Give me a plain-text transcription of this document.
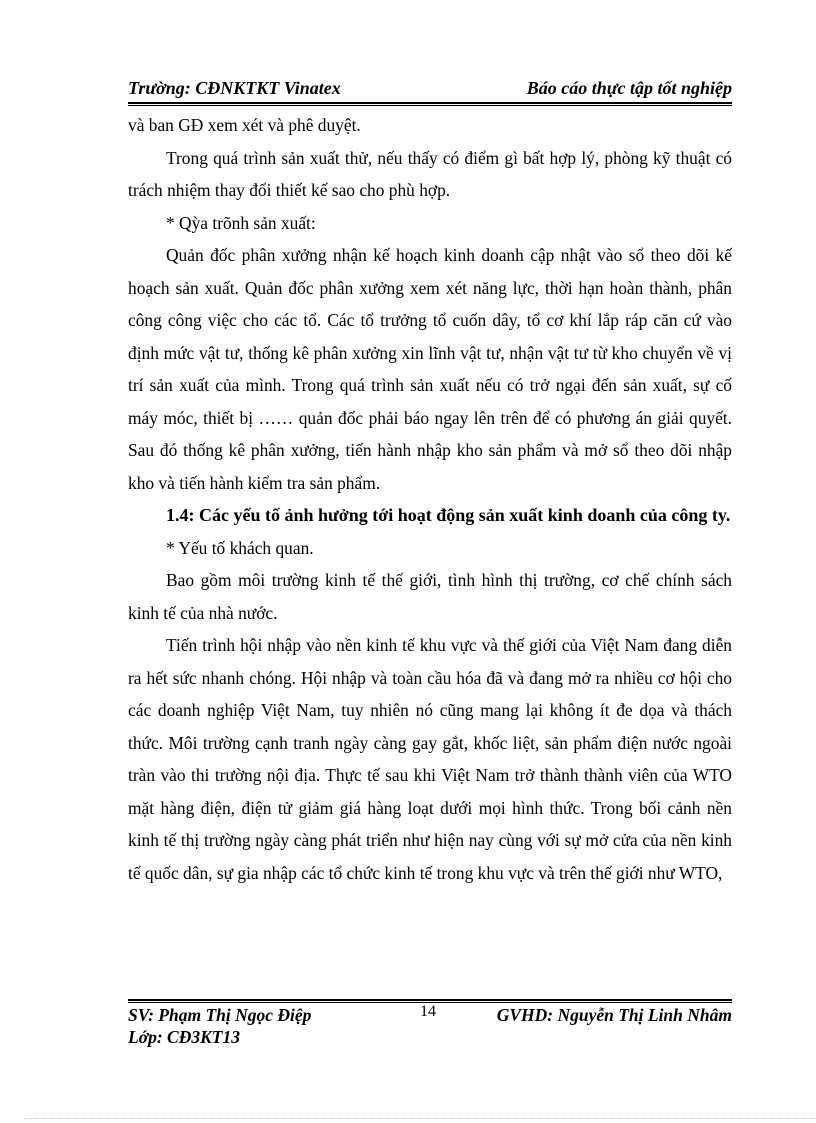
Trường: CĐNKTKT Vinatex	Báo cáo thực tập tốt nghiệp

và ban GĐ xem xét và phê duyệt.

Trong quá trình sản xuất thử, nếu thấy có điểm gì bất hợp lý, phòng kỹ thuật có trách nhiệm thay đổi thiết kế sao cho phù hợp.

* Qỳa trõnh sản xuất:

Quản đốc phân xưởng nhận kế hoạch kinh doanh cập nhật vào sổ theo dõi kế hoạch sản xuất. Quản đốc phân xưởng xem xét năng lực, thời hạn hoàn thành, phân công công việc cho các tổ. Các tổ trưởng tổ cuốn dây, tổ cơ khí lắp ráp căn cứ vào định mức vật tư, thống kê phân xưởng xin lĩnh vật tư, nhận vật tư từ kho chuyển về vị trí sản xuất của mình. Trong quá trình sản xuất nếu có trở ngại đến sản xuất, sự cố máy móc, thiết bị …… quản đốc phải báo ngay lên trên để có phương án giải quyết. Sau đó thống kê phân xưởng, tiến hành nhập kho sản phẩm và mở sổ theo dõi nhập kho và tiến hành kiểm tra sản phẩm.

1.4: Các yếu tố ảnh hưởng tới hoạt động sản xuất kinh doanh của công ty.

* Yếu tố khách quan.

Bao gồm môi trường kinh tế thế giới, tình hình thị trường, cơ chế chính sách kinh tế của nhà nước.

Tiến trình hội nhập vào nền kinh tế khu vực và thế giới của Việt Nam đang diễn ra hết sức nhanh chóng. Hội nhập và toàn cầu hóa đã và đang mở ra nhiều cơ hội cho các doanh nghiệp Việt Nam, tuy nhiên nó cũng mang lại không ít đe dọa và thách thức. Môi trường cạnh tranh ngày càng gay gắt, khốc liệt, sản phẩm điện nước ngoài tràn vào thi trường nội địa. Thực tế sau khi Việt Nam trở thành thành viên của WTO mặt hàng điện, điện tử giảm giá hàng loạt dưới mọi hình thức. Trong bối cảnh nền kinh tế thị trường ngày càng phát triển như hiện nay cùng với sự mở cửa của nền kinh tế quốc dân, sự gia nhập các tổ chức kinh tế trong khu vực và trên thế giới như WTO,

SV: Phạm Thị Ngọc Điệp
Lớp: CĐ3KT13
14	GVHD: Nguyễn Thị Linh Nhâm
